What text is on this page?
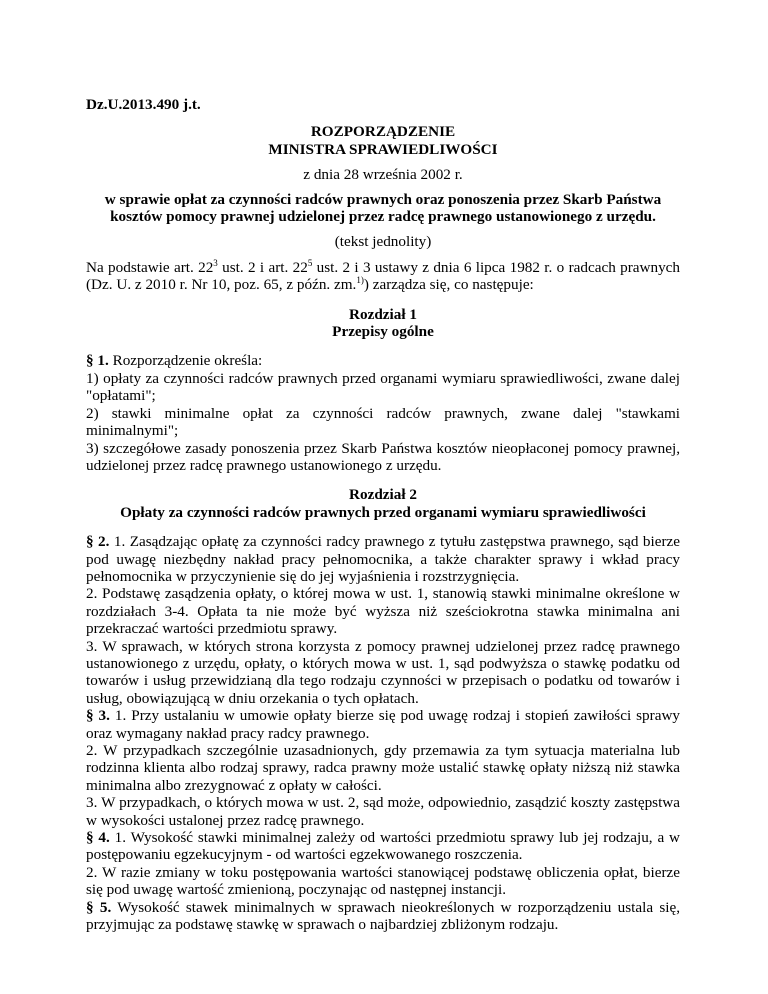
Dz.U.2013.490 j.t.
ROZPORZĄDZENIE
MINISTRA SPRAWIEDLIWOŚCI
z dnia 28 września 2002 r.
w sprawie opłat za czynności radców prawnych oraz ponoszenia przez Skarb Państwa kosztów pomocy prawnej udzielonej przez radcę prawnego ustanowionego z urzędu.
(tekst jednolity)
Na podstawie art. $22^3$ ust. 2 i art. $22^5$ ust. 2 i 3 ustawy z dnia 6 lipca 1982 r. o radcach prawnych (Dz. U. z 2010 r. Nr 10, poz. 65, z późn. zm.$^{1)}$) zarządza się, co następuje:
Rozdział 1
Przepisy ogólne
§ 1. Rozporządzenie określa:
1) opłaty za czynności radców prawnych przed organami wymiaru sprawiedliwości, zwane dalej "opłatami";
2) stawki minimalne opłat za czynności radców prawnych, zwane dalej "stawkami minimalnymi";
3) szczegółowe zasady ponoszenia przez Skarb Państwa kosztów nieopłaconej pomocy prawnej, udzielonej przez radcę prawnego ustanowionego z urzędu.
Rozdział 2
Opłaty za czynności radców prawnych przed organami wymiaru sprawiedliwości
§ 2. 1. Zasądzając opłatę za czynności radcy prawnego z tytułu zastępstwa prawnego, sąd bierze pod uwagę niezbędny nakład pracy pełnomocnika, a także charakter sprawy i wkład pracy pełnomocnika w przyczynienie się do jej wyjaśnienia i rozstrzygnięcia.
2. Podstawę zasądzenia opłaty, o której mowa w ust. 1, stanowią stawki minimalne określone w rozdziałach 3-4. Opłata ta nie może być wyższa niż sześciokrotna stawka minimalna ani przekraczać wartości przedmiotu sprawy.
3. W sprawach, w których strona korzysta z pomocy prawnej udzielonej przez radcę prawnego ustanowionego z urzędu, opłaty, o których mowa w ust. 1, sąd podwyższa o stawkę podatku od towarów i usług przewidzianą dla tego rodzaju czynności w przepisach o podatku od towarów i usług, obowiązującą w dniu orzekania o tych opłatach.
§ 3. 1. Przy ustalaniu w umowie opłaty bierze się pod uwagę rodzaj i stopień zawiłości sprawy oraz wymagany nakład pracy radcy prawnego.
2. W przypadkach szczególnie uzasadnionych, gdy przemawia za tym sytuacja materialna lub rodzinna klienta albo rodzaj sprawy, radca prawny może ustalić stawkę opłaty niższą niż stawka minimalna albo zrezygnować z opłaty w całości.
3. W przypadkach, o których mowa w ust. 2, sąd może, odpowiednio, zasądzić koszty zastępstwa w wysokości ustalonej przez radcę prawnego.
§ 4. 1. Wysokość stawki minimalnej zależy od wartości przedmiotu sprawy lub jej rodzaju, a w postępowaniu egzekucyjnym - od wartości egzekwowanego roszczenia.
2. W razie zmiany w toku postępowania wartości stanowiącej podstawę obliczenia opłat, bierze się pod uwagę wartość zmienioną, poczynając od następnej instancji.
§ 5. Wysokość stawek minimalnych w sprawach nieokreślonych w rozporządzeniu ustala się, przyjmując za podstawę stawkę w sprawach o najbardziej zbliżonym rodzaju.
